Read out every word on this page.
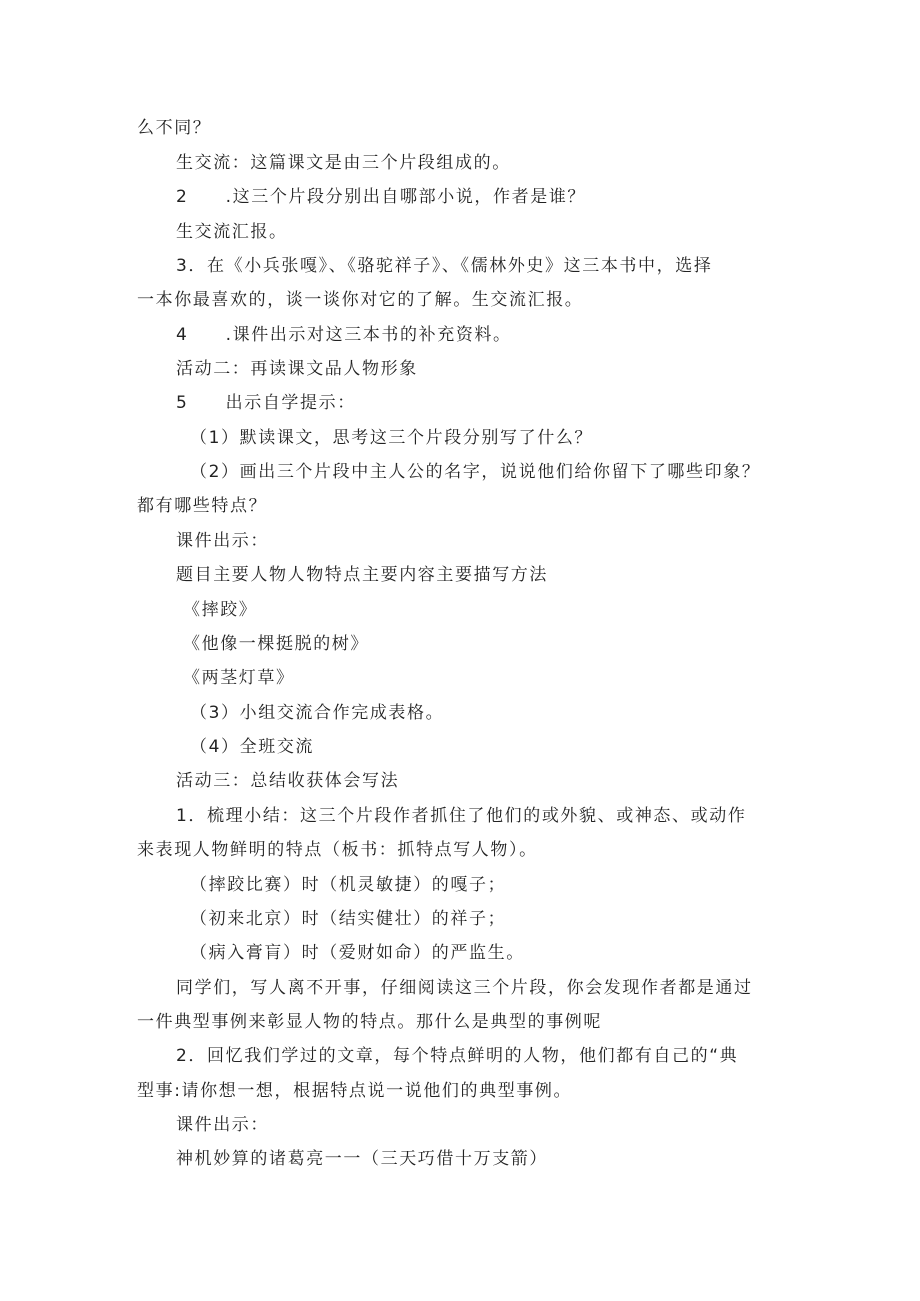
么不同？

生交流：这篇课文是由三个片段组成的。

2　　.这三个片段分别出自哪部小说，作者是谁？

生交流汇报。

3．在《小兵张嘎》、《骆驼祥子》、《儒林外史》这三本书中，选择

一本你最喜欢的，谈一谈你对它的了解。生交流汇报。

4　　.课件出示对这三本书的补充资料。

活动二：再读课文品人物形象

5　　出示自学提示：

（1）默读课文，思考这三个片段分别写了什么？

（2）画出三个片段中主人公的名字，说说他们给你留下了哪些印象？

都有哪些特点？

课件出示：

题目主要人物人物特点主要内容主要描写方法

《摔跤》

《他像一棵挺脱的树》

《两茎灯草》

（3）小组交流合作完成表格。

（4）全班交流

活动三：总结收获体会写法

1．梳理小结：这三个片段作者抓住了他们的或外貌、或神态、或动作

来表现人物鲜明的特点（板书：抓特点写人物）。

（摔跤比赛）时（机灵敏捷）的嘎子；

（初来北京）时（结实健壮）的祥子；

（病入膏肓）时（爱财如命）的严监生。

同学们，写人离不开事，仔细阅读这三个片段，你会发现作者都是通过

一件典型事例来彰显人物的特点。那什么是典型的事例呢

2．回忆我们学过的文章，每个特点鲜明的人物，他们都有自己的“典

型事:请你想一想，根据特点说一说他们的典型事例。

课件出示：

神机妙算的诸葛亮一一（三天巧借十万支箭）
